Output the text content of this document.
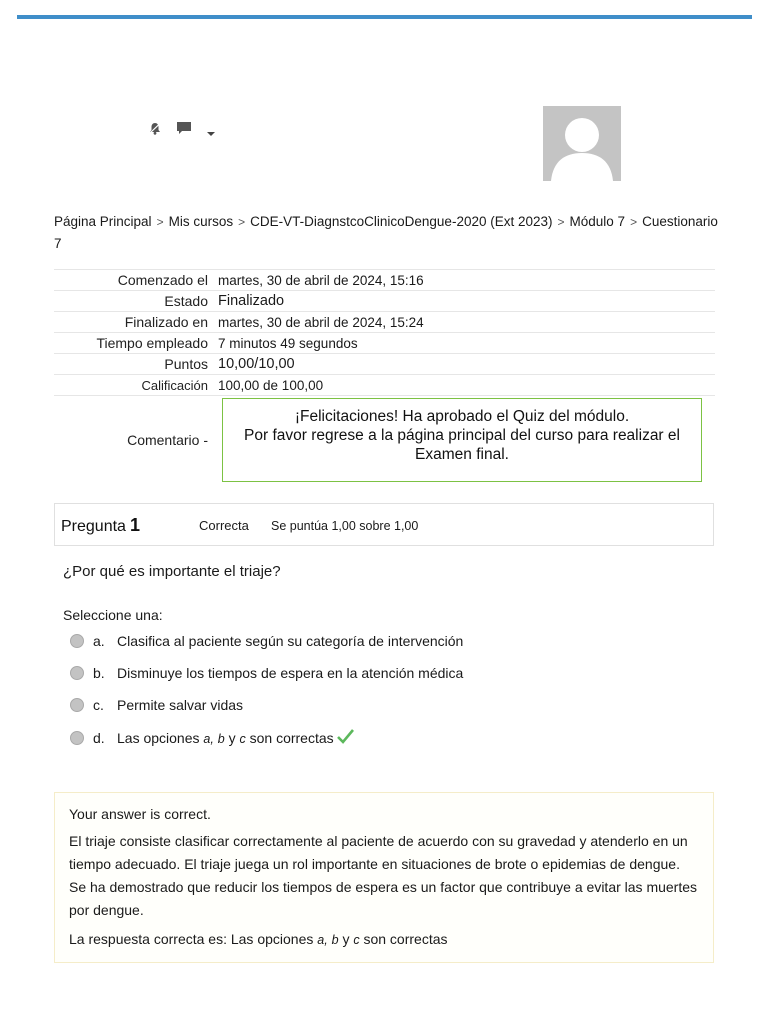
Página Principal > Mis cursos > CDE-VT-DiagnstcoClinicoDengue-2020 (Ext 2023) > Módulo 7 > Cuestionario 7
Comenzado el	martes, 30 de abril de 2024, 15:16
Estado	Finalizado
Finalizado en	martes, 30 de abril de 2024, 15:24
Tiempo empleado	7 minutos 49 segundos
Puntos	10,00/10,00
Calificación	100,00 de 100,00
Comentario -	¡Felicitaciones! Ha aprobado el Quiz del módulo.
Por favor regrese a la página principal del curso para realizar el
Examen final.
Pregunta 1	Correcta Se puntúa 1,00 sobre 1,00
¿Por qué es importante el triaje?
Seleccione una:
a. Clasifica al paciente según su categoría de intervención
b. Disminuye los tiempos de espera en la atención médica
c. Permite salvar vidas
d. Las opciones a, b y c son correctas

Your answer is correct.

El triaje consiste clasificar correctamente al paciente de acuerdo con su gravedad y atenderlo en un tiempo adecuado. El triaje juega un rol importante en situaciones de brote o epidemias de dengue. Se ha demostrado que reducir los tiempos de espera es un factor que contribuye a evitar las muertes por dengue.

La respuesta correcta es: Las opciones a, b y c son correctas
